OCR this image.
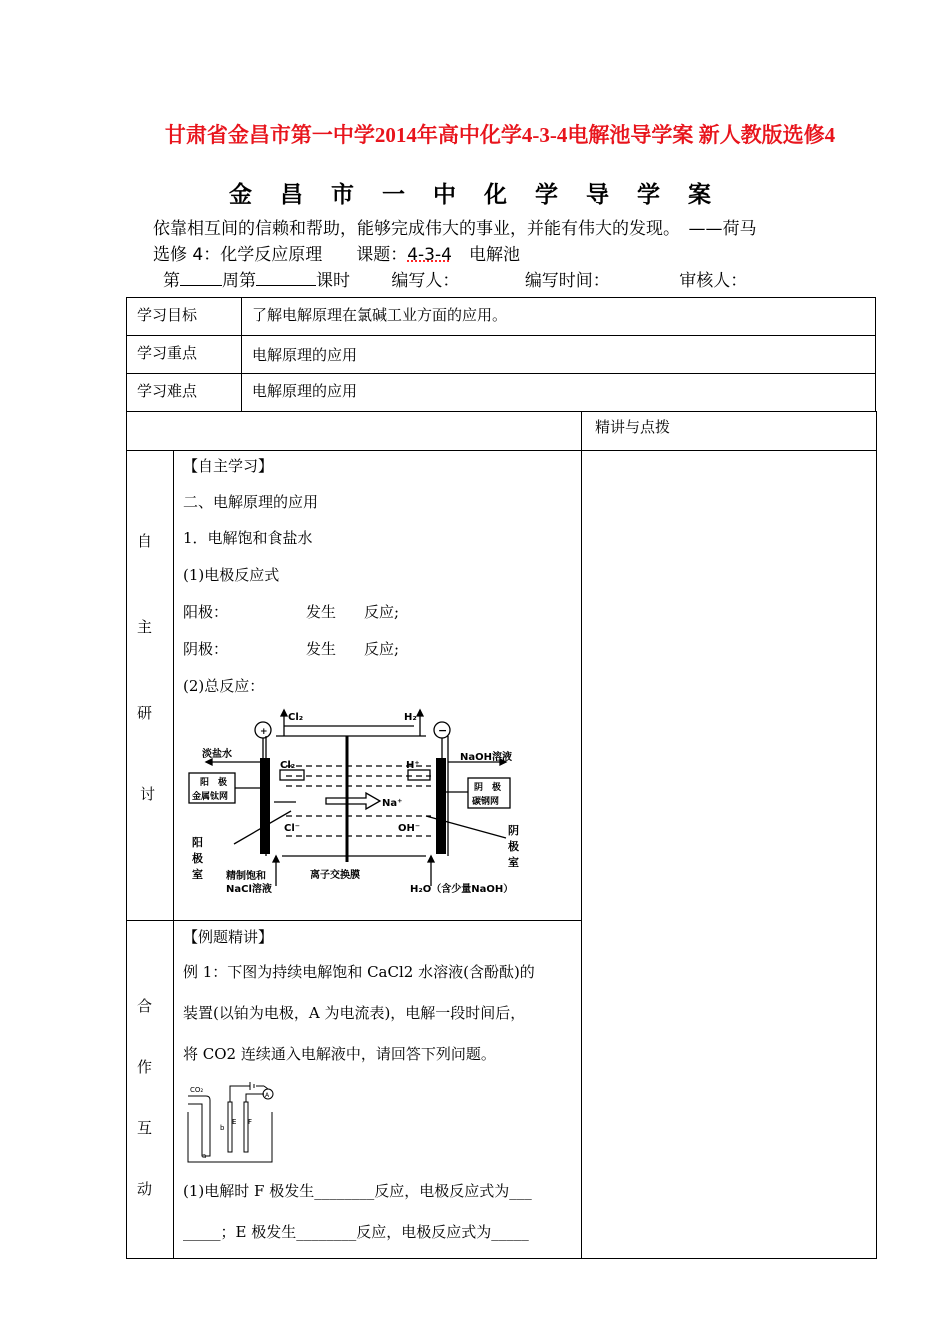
甘肃省金昌市第一中学2014年高中化学4-3-4电解池导学案 新人教版选修4
金 昌 市 一 中 化 学 导 学 案
依靠相互间的信赖和帮助，能够完成伟大的事业，并能有伟大的发现。　——荷马
选修 4：化学反应原理　　课题：4-3-4　电解池
第 周第	课时 编写人：	编写时间：	审核人：
学习目标	了解电解原理在氯碱工业方面的应用。
学习重点	电解原理的应用
学习难点	电解原理的应用
精讲与点拨
自
主
研
讨
【自主学习】
二、电解原理的应用
1．电解饱和食盐水
(1)电极反应式
阳极：	发生 反应;
阴极：	发生 反应;
(2)总反应：
Cl₂	H₂
+	−
淡盐水	NaOH溶液
阳　极
金属钛网
阴　极
碳钢网
Cl₂	H⁺
Na⁺
Cl⁻	OH⁻
阳
极
室
阴
极
室
精制饱和
NaCl溶液
离子交换膜
H₂O（含少量NaOH）
合
作
互
动
【例题精讲】
例 1：下图为持续电解饱和 CaCl2 水溶液(含酚酞)的
装置(以铂为电极，A 为电流表)，电解一段时间后，
将 CO2 连续通入电解液中，请回答下列问题。
CO₂
a
b
E F
A
(1)电解时 F 极发生________反应，电极反应式为___
_____；E 极发生________反应，电极反应式为_____
